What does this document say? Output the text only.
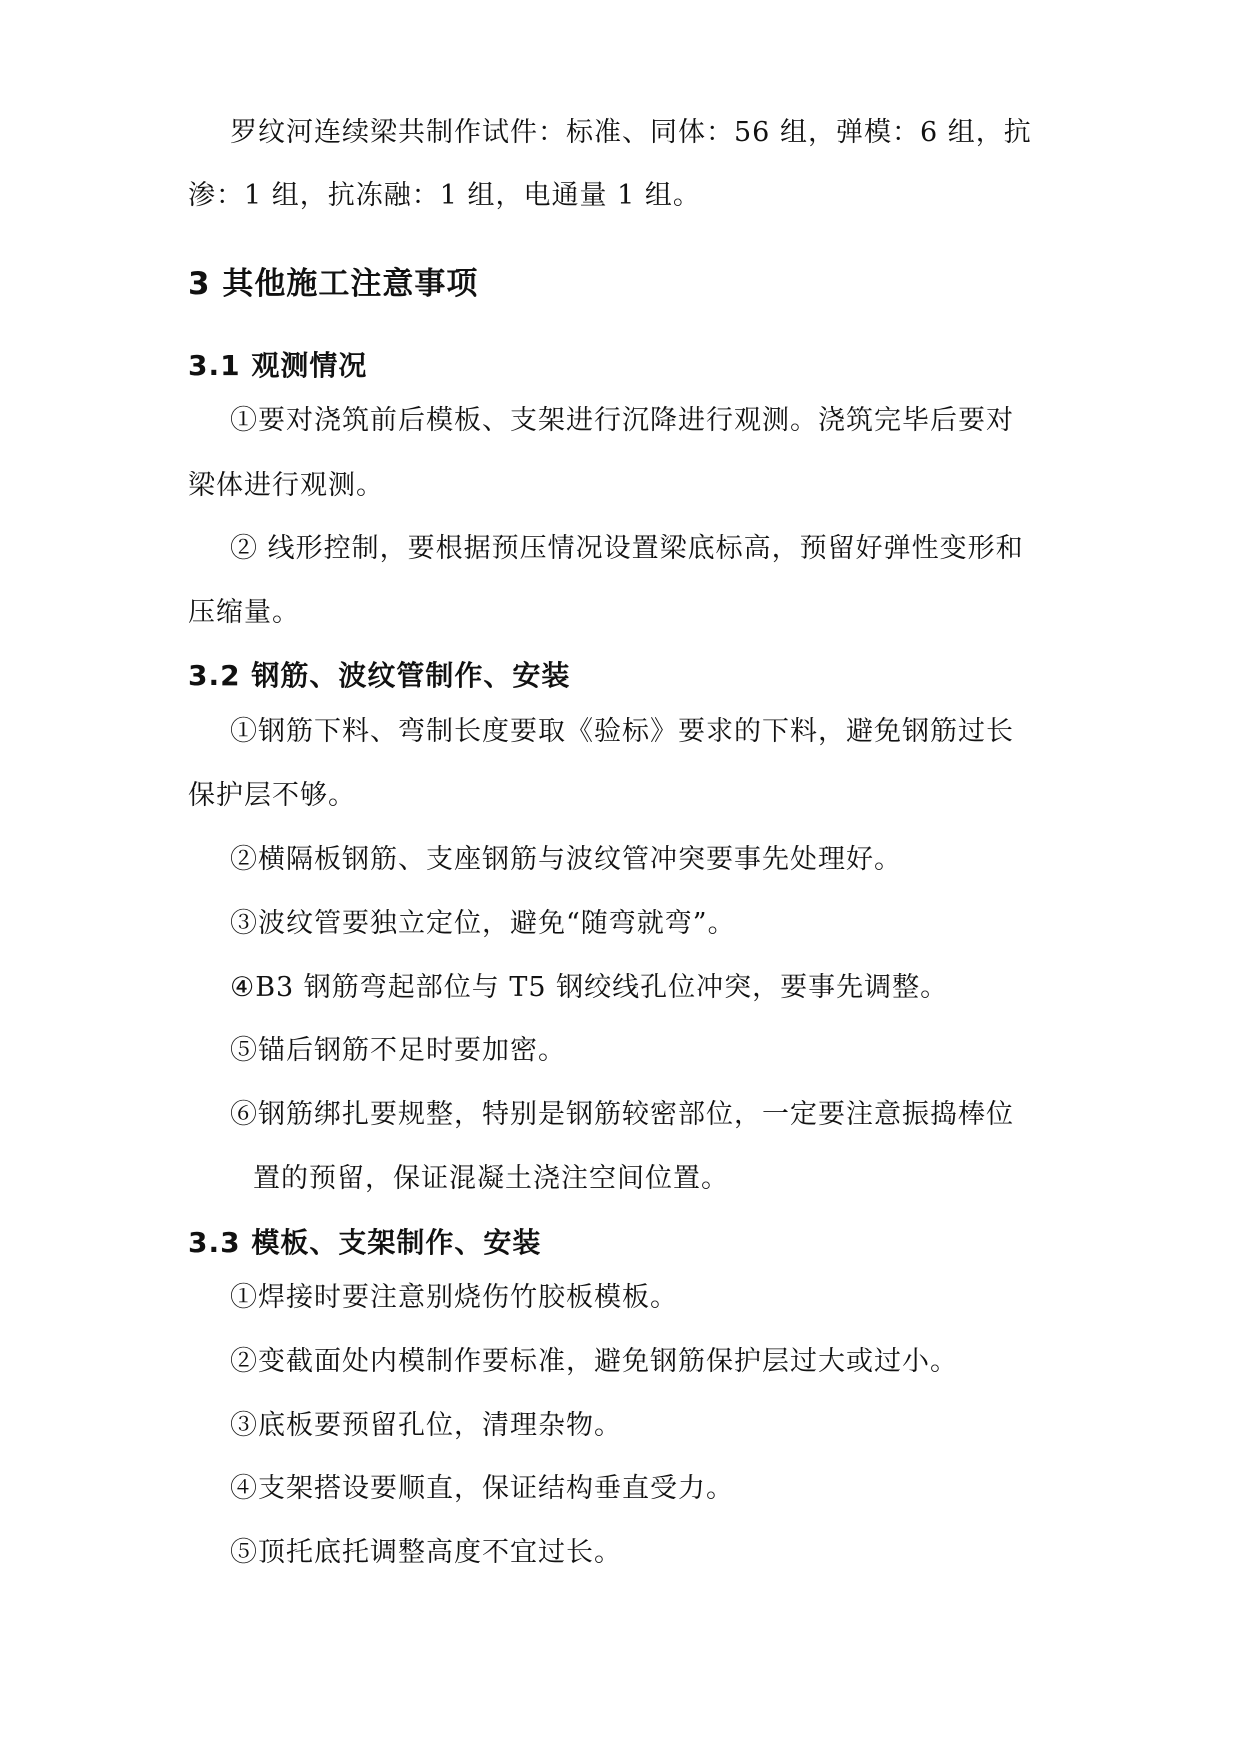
罗纹河连续梁共制作试件：标准、同体：56 组，弹模：6 组，抗
渗：1 组，抗冻融：1 组，电通量 1 组。
3 其他施工注意事项
3.1 观测情况
①要对浇筑前后模板、支架进行沉降进行观测。浇筑完毕后要对
梁体进行观测。
② 线形控制，要根据预压情况设置梁底标高，预留好弹性变形和
压缩量。
3.2 钢筋、波纹管制作、安装
①钢筋下料、弯制长度要取《验标》要求的下料，避免钢筋过长
保护层不够。
②横隔板钢筋、支座钢筋与波纹管冲突要事先处理好。
③波纹管要独立定位，避免“随弯就弯”。
④B3 钢筋弯起部位与 T5 钢绞线孔位冲突，要事先调整。
⑤锚后钢筋不足时要加密。
⑥钢筋绑扎要规整，特别是钢筋较密部位，一定要注意振捣棒位
置的预留，保证混凝土浇注空间位置。
3.3 模板、支架制作、安装
①焊接时要注意别烧伤竹胶板模板。
②变截面处内模制作要标准，避免钢筋保护层过大或过小。
③底板要预留孔位，清理杂物。
④支架搭设要顺直，保证结构垂直受力。
⑤顶托底托调整高度不宜过长。
